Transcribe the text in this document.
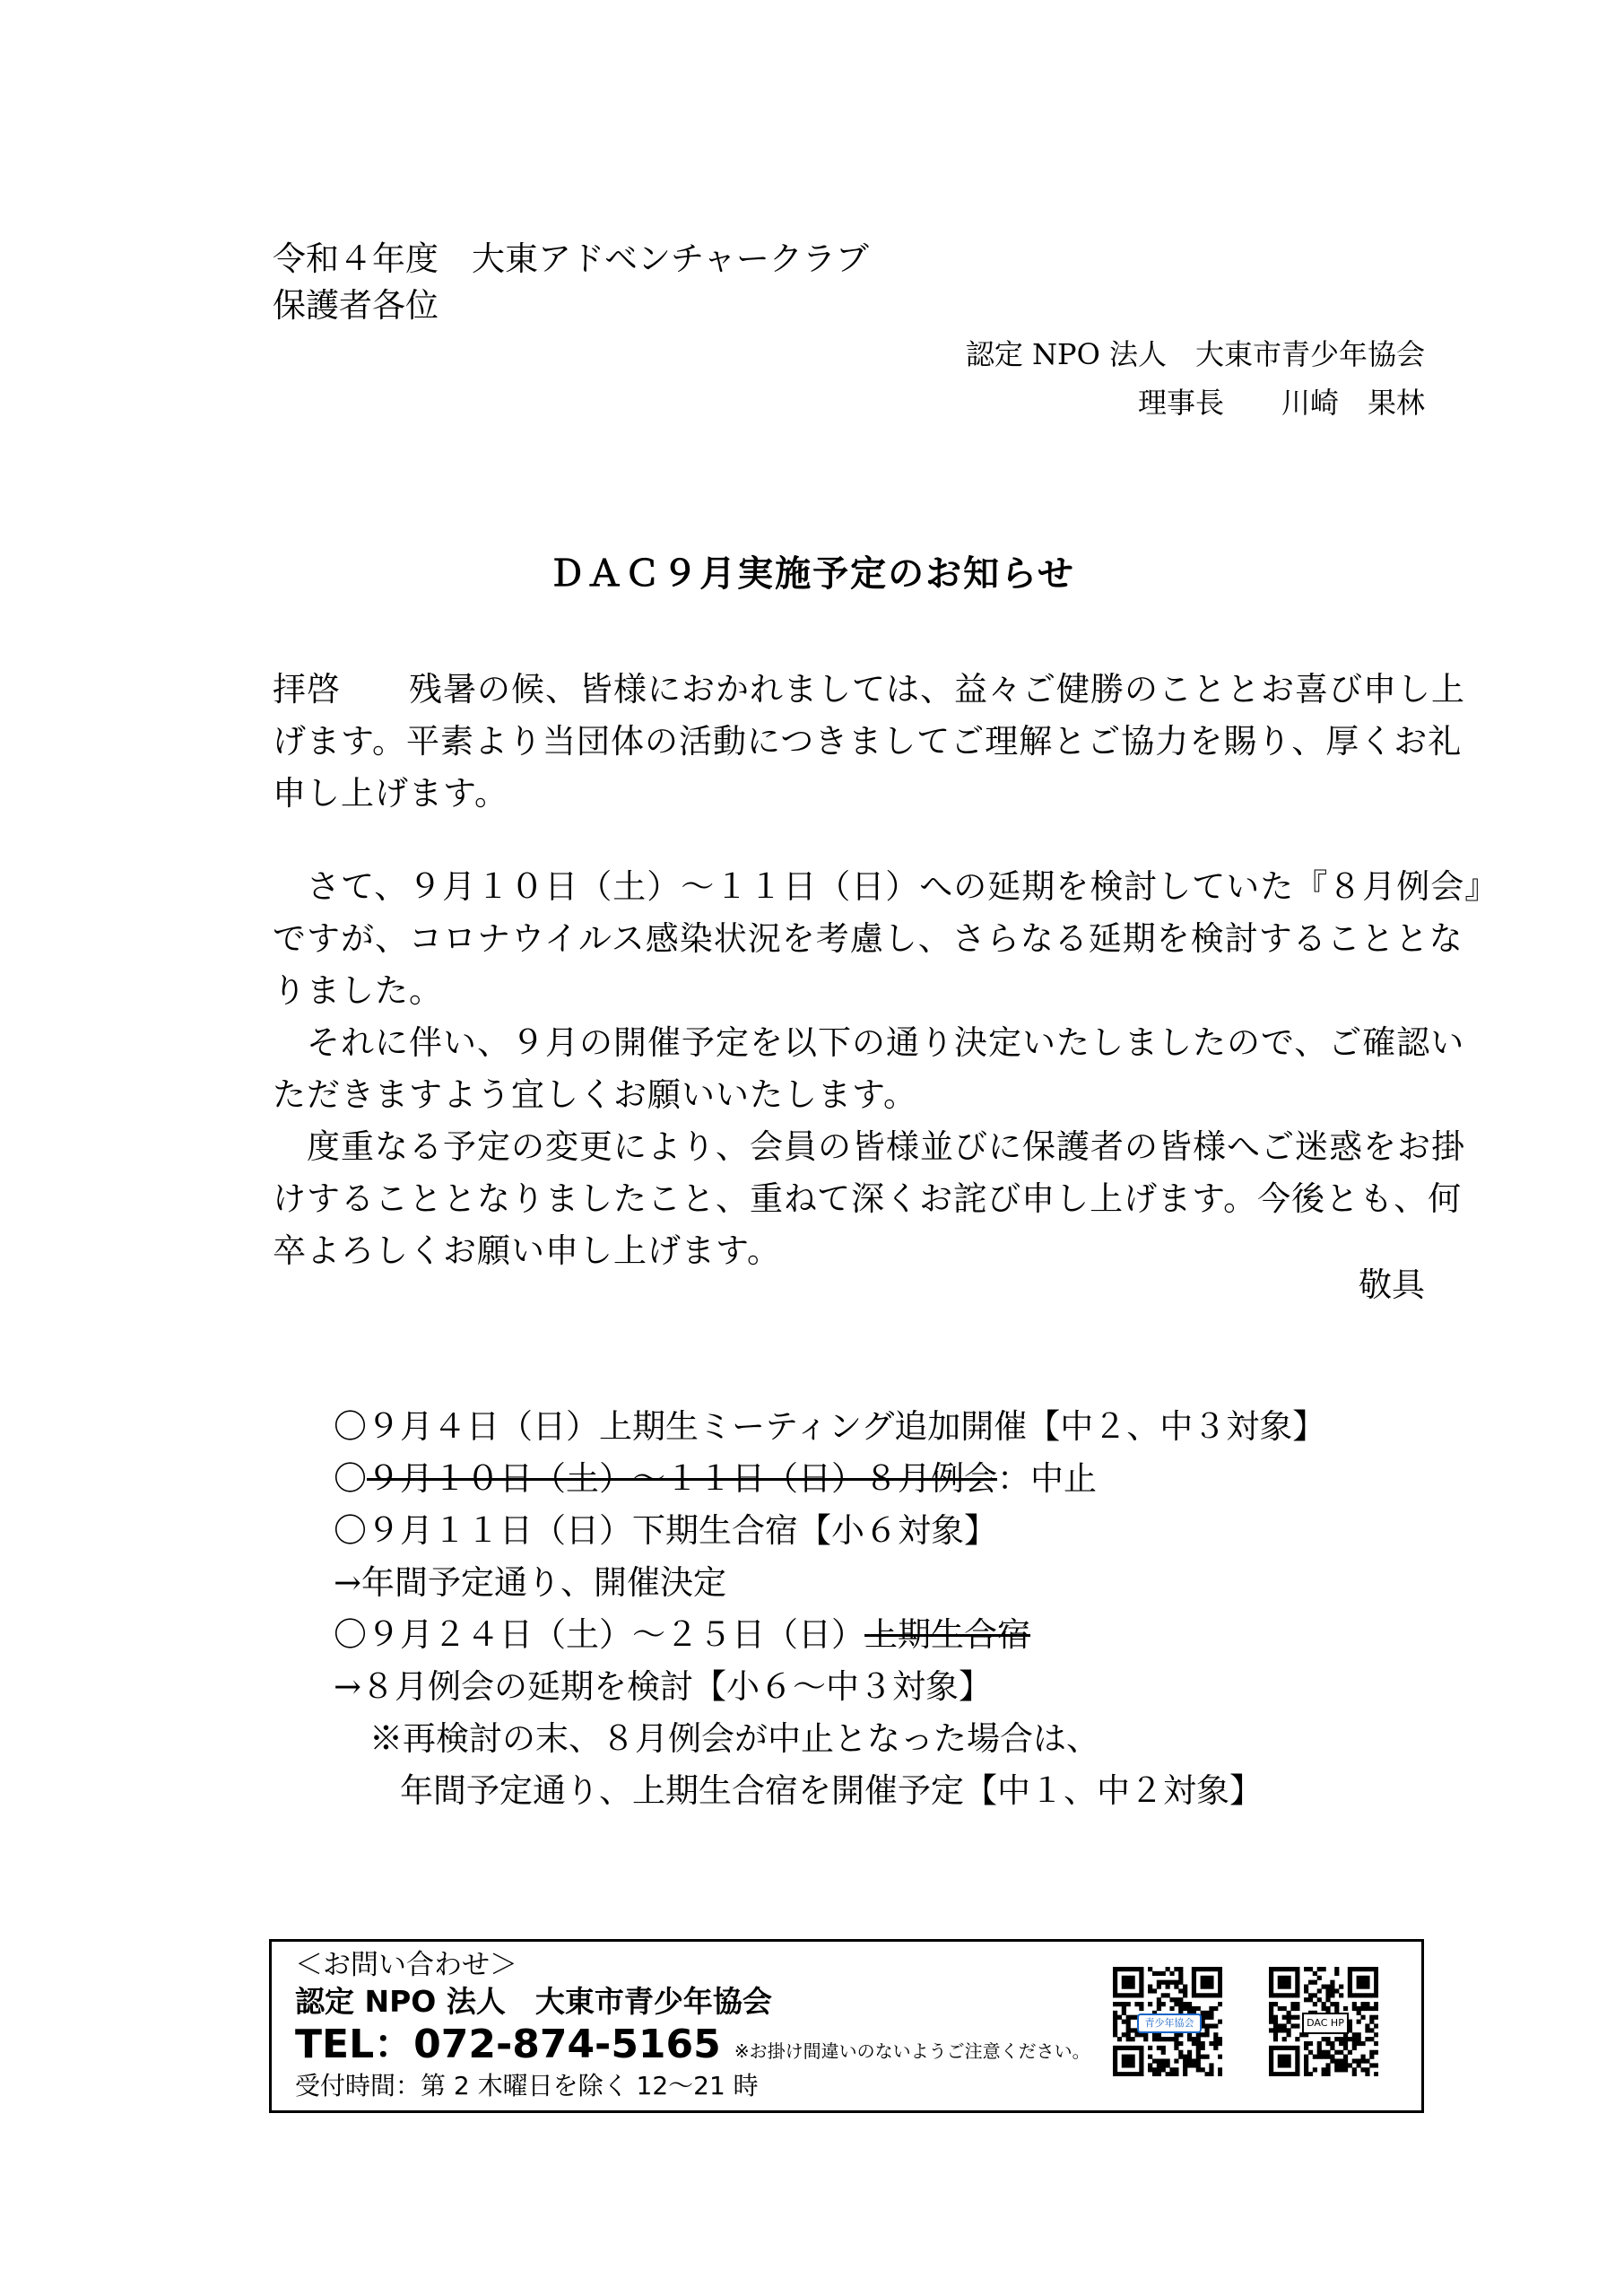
令和４年度　大東アドベンチャークラブ
保護者各位
認定 NPO 法人　大東市青少年協会
理事長　　川崎　果林
ＤＡＣ９月実施予定のお知らせ
拝啓　　残暑の候、皆様におかれましては、益々ご健勝のこととお喜び申し上
げます。平素より当団体の活動につきましてご理解とご協力を賜り、厚くお礼
申し上げます。
　さて、９月１０日（土）～１１日（日）への延期を検討していた『８月例会』
ですが、コロナウイルス感染状況を考慮し、さらなる延期を検討することとな
りました。
　それに伴い、９月の開催予定を以下の通り決定いたしましたので、ご確認い
ただきますよう宜しくお願いいたします。
　度重なる予定の変更により、会員の皆様並びに保護者の皆様へご迷惑をお掛
けすることとなりましたこと、重ねて深くお詫び申し上げます。今後とも、何
卒よろしくお願い申し上げます。
敬具
〇９月４日（日）上期生ミーティング追加開催【中２、中３対象】
〇９月１０日（土）～１１日（日）８月例会：中止
〇９月１１日（日）下期生合宿【小６対象】
→年間予定通り、開催決定
〇９月２４日（土）～２５日（日）上期生合宿
→８月例会の延期を検討【小６～中３対象】
※再検討の末、８月例会が中止となった場合は、
年間予定通り、上期生合宿を開催予定【中１、中２対象】
＜お問い合わせ＞
認定 NPO 法人　大東市青少年協会
TEL：072-874-5165 ※お掛け間違いのないようご注意ください。
受付時間：第 2 木曜日を除く 12～21 時
青少年協会	DAC HP
